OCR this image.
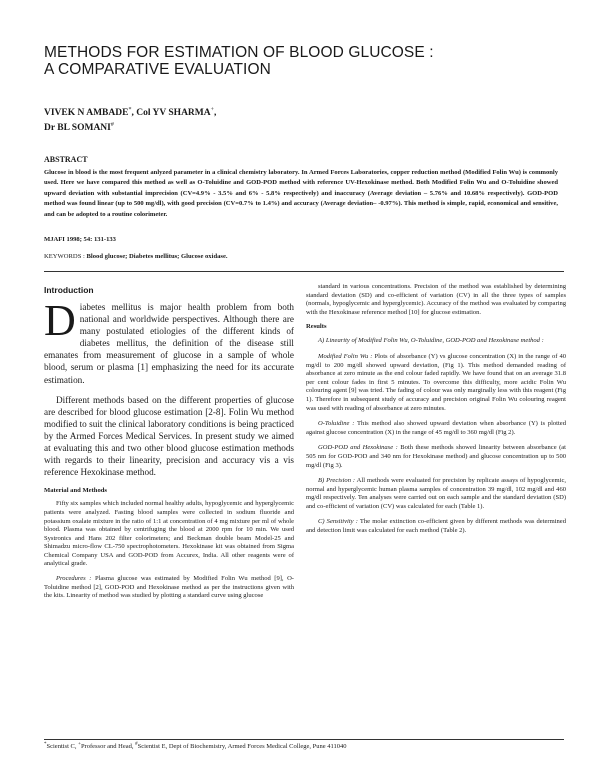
METHODS FOR ESTIMATION OF BLOOD GLUCOSE :
A COMPARATIVE EVALUATION
VIVEK N AMBADE*, Col YV SHARMA+,
Dr BL SOMANI#
ABSTRACT
Glucose in blood is the most frequent anlyzed parameter in a clinical chemistry laboratory. In Armed Forces Laboratories, copper reduction method (Modified Folin Wu) is commonly used. Here we have compared this method as well as O-Toluidine and GOD-POD method with reference UV-Hexokinase method. Both Modified Folin Wu and O-Toluidine showed upward deviation with substantial imprecision (CV=4.9% - 3.5% and 6% - 5.8% respectively) and inaccuracy (Average deviation – 5.76% and 10.68% respectively). GOD-POD method was found linear (up to 500 mg/dl), with good precision (CV=0.7% to 1.4%) and accuracy (Average deviation– -0.97%). This method is simple, rapid, economical and sensitive, and can be adopted to a routine colorimeter.
MJAFI 1998; 54: 131-133
KEYWORDS : Blood glucose; Diabetes mellitus; Glucose oxidase.
Introduction
D iabetes mellitus is major health problem from both national and worldwide perspectives. Although there are many postulated etiologies of the different kinds of diabetes mellitus, the definition of the disease still emanates from measurement of glucose in a sample of whole blood, serum or plasma [1] emphasizing the need for its accurate estimation.
Different methods based on the different properties of glucose are described for blood glucose estimation [2-8]. Folin Wu method modified to suit the clinical laboratory conditions is being practiced by the Armed Forces Medical Services. In present study we aimed at evaluating this and two other blood glucose estimation methods with regards to their linearity, precision and accuracy vis a vis reference Hexokinase method.
Material and Methods
Fifty six samples which included normal healthy adults, hypoglycemic and hyperglycemic patients were analyzed. Fasting blood samples were collected in sodium fluoride and potassium oxalate mixture in the ratio of 1:1 at concentration of 4 mg mixture per ml of whole blood. Plasma was obtained by centrifuging the blood at 2000 rpm for 10 min. We used Systronics and Hans 202 filter colorimeters; and Beckman double beam Model-25 and Shimadzu micro-flow CL-750 spectrophotometers. Hexokinase kit was obtained from Sigma Chemical Company USA and GOD-POD from Accurex, India. All other reagents were of analytical grade.
Procedures : Plasma glucose was estimated by Modified Folin Wu method [9], O-Toluidine method [2], GOD-POD and Hexokinase method as per the instructions given with the kits. Linearity of method was studied by plotting a standard curve using glucose
standard in various concentrations. Precision of the method was established by determining standard deviation (SD) and co-efficient of variation (CV) in all the three types of samples (normals, hypoglycemic and hyperglycemic). Accuracy of the method was evaluated by comparing with the Hexokinase reference method [10] for glucose estimation.
Results
A) Linearity of Modified Folin Wu, O-Toluidine, GOD-POD and Hexokinase method :
Modified Folin Wu : Plots of absorbance (Y) vs glucose concentration (X) in the range of 40 mg/dl to 200 mg/dl showed upward deviation, (Fig 1). This method demanded reading of absorbance at zero minute as the end colour faded rapidly. We have found that on an average 31.8 per cent colour fades in first 5 minutes. To overcome this difficulty, more acidic Folin Wu colouring agent [9] was tried. The fading of colour was only marginally less with this reagent (Fig 1). Therefore in subsequent study of accuracy and precision original Folin Wu colouring reagent was used with reading of absorbance at zero minutes.
O-Toluidine : This method also showed upward deviation when absorbance (Y) is plotted against glucose concentration (X) in the range of 45 mg/dl to 360 mg/dl (Fig 2).
GOD-POD and Hexokinase : Both these methods showed linearity between absorbance (at 505 nm for GOD-POD and 340 nm for Hexokinase method) and glucose concentration up to 500 mg/dl (Fig 3).
B) Precision : All methods were evaluated for precision by replicate assays of hypoglycemic, normal and hyperglycemic human plasma samples of concentration 39 mg/dl, 102 mg/dl and 460 mg/dl respectively. Ten analyses were carried out on each sample and the standard deviation (SD) and co-efficient of variation (CV) was calculated for each (Table 1).
C) Sensitivity : The molar extinction co-efficient given by different methods was determined and detection limit was calculated for each method (Table 2).
*Scientist C, +Professor and Head, #Scientist E, Dept of Biochemistry, Armed Forces Medical College, Pune 411040
